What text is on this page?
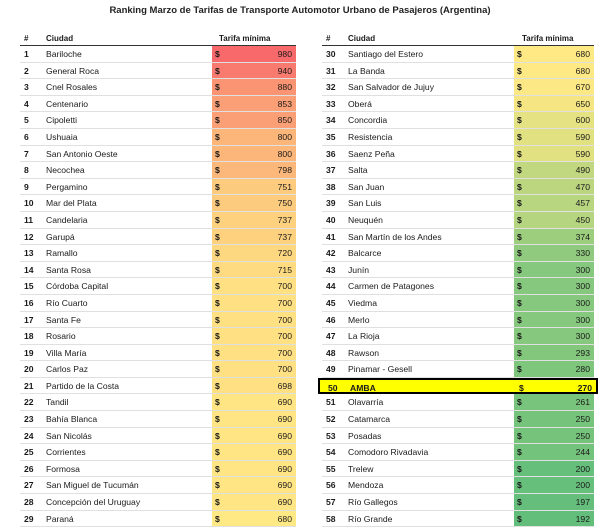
Ranking Marzo de Tarifas de Transporte Automotor Urbano de Pasajeros (Argentina)
# Ciudad	Tarifa mínima
1 Bariloche	$	980
2 General Roca	$	940
3 Cnel Rosales	$	880
4 Centenario	$	853
5 Cipoletti	$	850
6 Ushuaia	$	800
7 San Antonio Oeste	$	800
8 Necochea	$	798
9 Pergamino	$	751
10 Mar del Plata	$	750
11 Candelaria	$	737
12 Garupá	$	737
13 Ramallo	$	720
14 Santa Rosa	$	715
15 Córdoba Capital	$	700
16 Río Cuarto	$	700
17 Santa Fe	$	700
18 Rosario	$	700
19 Villa María	$	700
20 Carlos Paz	$	700
21 Partido de la Costa	$	698
22 Tandil	$	690
23 Bahía Blanca	$	690
24 San Nicolás	$	690
25 Corrientes	$	690
26 Formosa	$	690
27 San Miguel de Tucumán	$	690
28 Concepción del Uruguay	$	690
29 Paraná	$	680
# Ciudad	Tarifa mínima
30 Santiago del Estero	$	680
31 La Banda	$	680
32 San Salvador de Jujuy	$	670
33 Oberá	$	650
34 Concordia	$	600
35 Resistencia	$	590
36 Saenz Peña	$	590
37 Salta	$	490
38 San Juan	$	470
39 San Luis	$	457
40 Neuquén	$	450
41 San Martín de los Andes	$	374
42 Balcarce	$	330
43 Junín	$	300
44 Carmen de Patagones	$	300
45 Viedma	$	300
46 Merlo	$	300
47 La Rioja	$	300
48 Rawson	$	293
49 Pinamar - Gesell	$	280
50 AMBA	$	270
51 Olavarría	$	261
52 Catamarca	$	250
53 Posadas	$	250
54 Comodoro Rivadavia	$	244
55 Trelew	$	200
56 Mendoza	$	200
57 Río Gallegos	$	197
58 Río Grande	$	192
